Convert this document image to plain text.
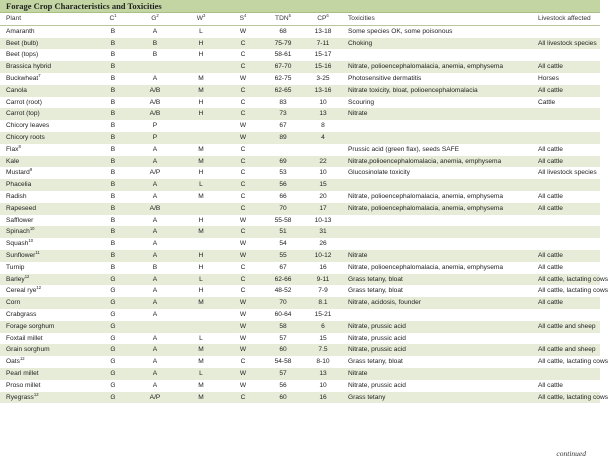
Forage Crop Characteristics and Toxicities
Plant	$C^1$	$G^2$	$W^3$	$S^4$	TDN$^5$	$CP^6$	Toxicities	Livestock affected
Amaranth	B	A	L	W	68	13-18	Some species OK, some poisonous	
Beet (bulb)	B	B	H	C	75-79	7-11	Choking	All livestock species
Beet (tops)	B	B	H	C	58-61	15-17		
Brassica hybrid	B			C	67-70	15-16	Nitrate, polioencephalomalacia, anemia, emphysema	All cattle
Buckwheat$^7$	B	A	M	W	62-75	3-25	Photosensitive dermatitis	Horses
Canola	B	A/B	M	C	62-65	13-16	Nitrate toxicity, bloat, polioencephalomalacia	All cattle
Carrot (root)	B	A/B	H	C	83	10	Scouring	Cattle
Carrot (top)	B	A/B	H	C	73	13	Nitrate	
Chicory leaves	B	P		W	67	8		
Chicory roots	B	P		W	89	4		
Flax$^8$	B	A	M	C			Prussic acid (green flax), seeds SAFE	All cattle
Kale	B	A	M	C	69	22	Nitrate,polioencephalomalacia, anemia, emphysema	All cattle
Mustard$^9$	B	A/P	H	C	53	10	Glucosinolate toxicity	All livestock species
Phacelia	B	A	L	C	56	15		
Radish	B	A	M	C	66	20	Nitrate, polioencephalomalacia, anemia, emphysema	All cattle
Rapeseed	B	A/B		C	70	17	Nitrate, polioencephalomalacia, anemia, emphysema	All cattle
Safflower	B	A	H	W	55-58	10-13		
Spinach$^{10}$	B	A	M	C	51	31		
Squash$^{10}$	B	A		W	54	26		
Sunflower$^{11}$	B	A	H	W	55	10-12	Nitrate	All cattle
Turnip	B	B	H	C	67	16	Nitrate, polioencephalomalacia, anemia, emphysema	All cattle
Barley$^{12}$	G	A	L	C	62-66	9-11	Grass tetany, bloat	All cattle, lactating cows
Cereal rye$^{12}$	G	A	H	C	48-52	7-9	Grass tetany, bloat	All cattle, lactating cows
Corn	G	A	M	W	70	8.1	Nitrate, acidosis, founder	All cattle
Crabgrass	G	A		W	60-64	15-21		
Forage sorghum	G			W	58	6	Nitrate, prussic acid	All cattle and sheep
Foxtail millet	G	A	L	W	57	15	Nitrate, prussic acid	
Grain sorghum	G	A	M	W	60	7.5	Nitrate, prussic acid	All cattle and sheep
Oats$^{12}$	G	A	M	C	54-58	8-10	Grass tetany, bloat	All cattle, lactating cows
Pearl millet	G	A	L	W	57	13	Nitrate	
Proso millet	G	A	M	W	56	10	Nitrate, prussic acid	All cattle
Ryegrass$^{12}$	G	A/P	M	C	60	16	Grass tetany	All cattle, lactating cows
continued
